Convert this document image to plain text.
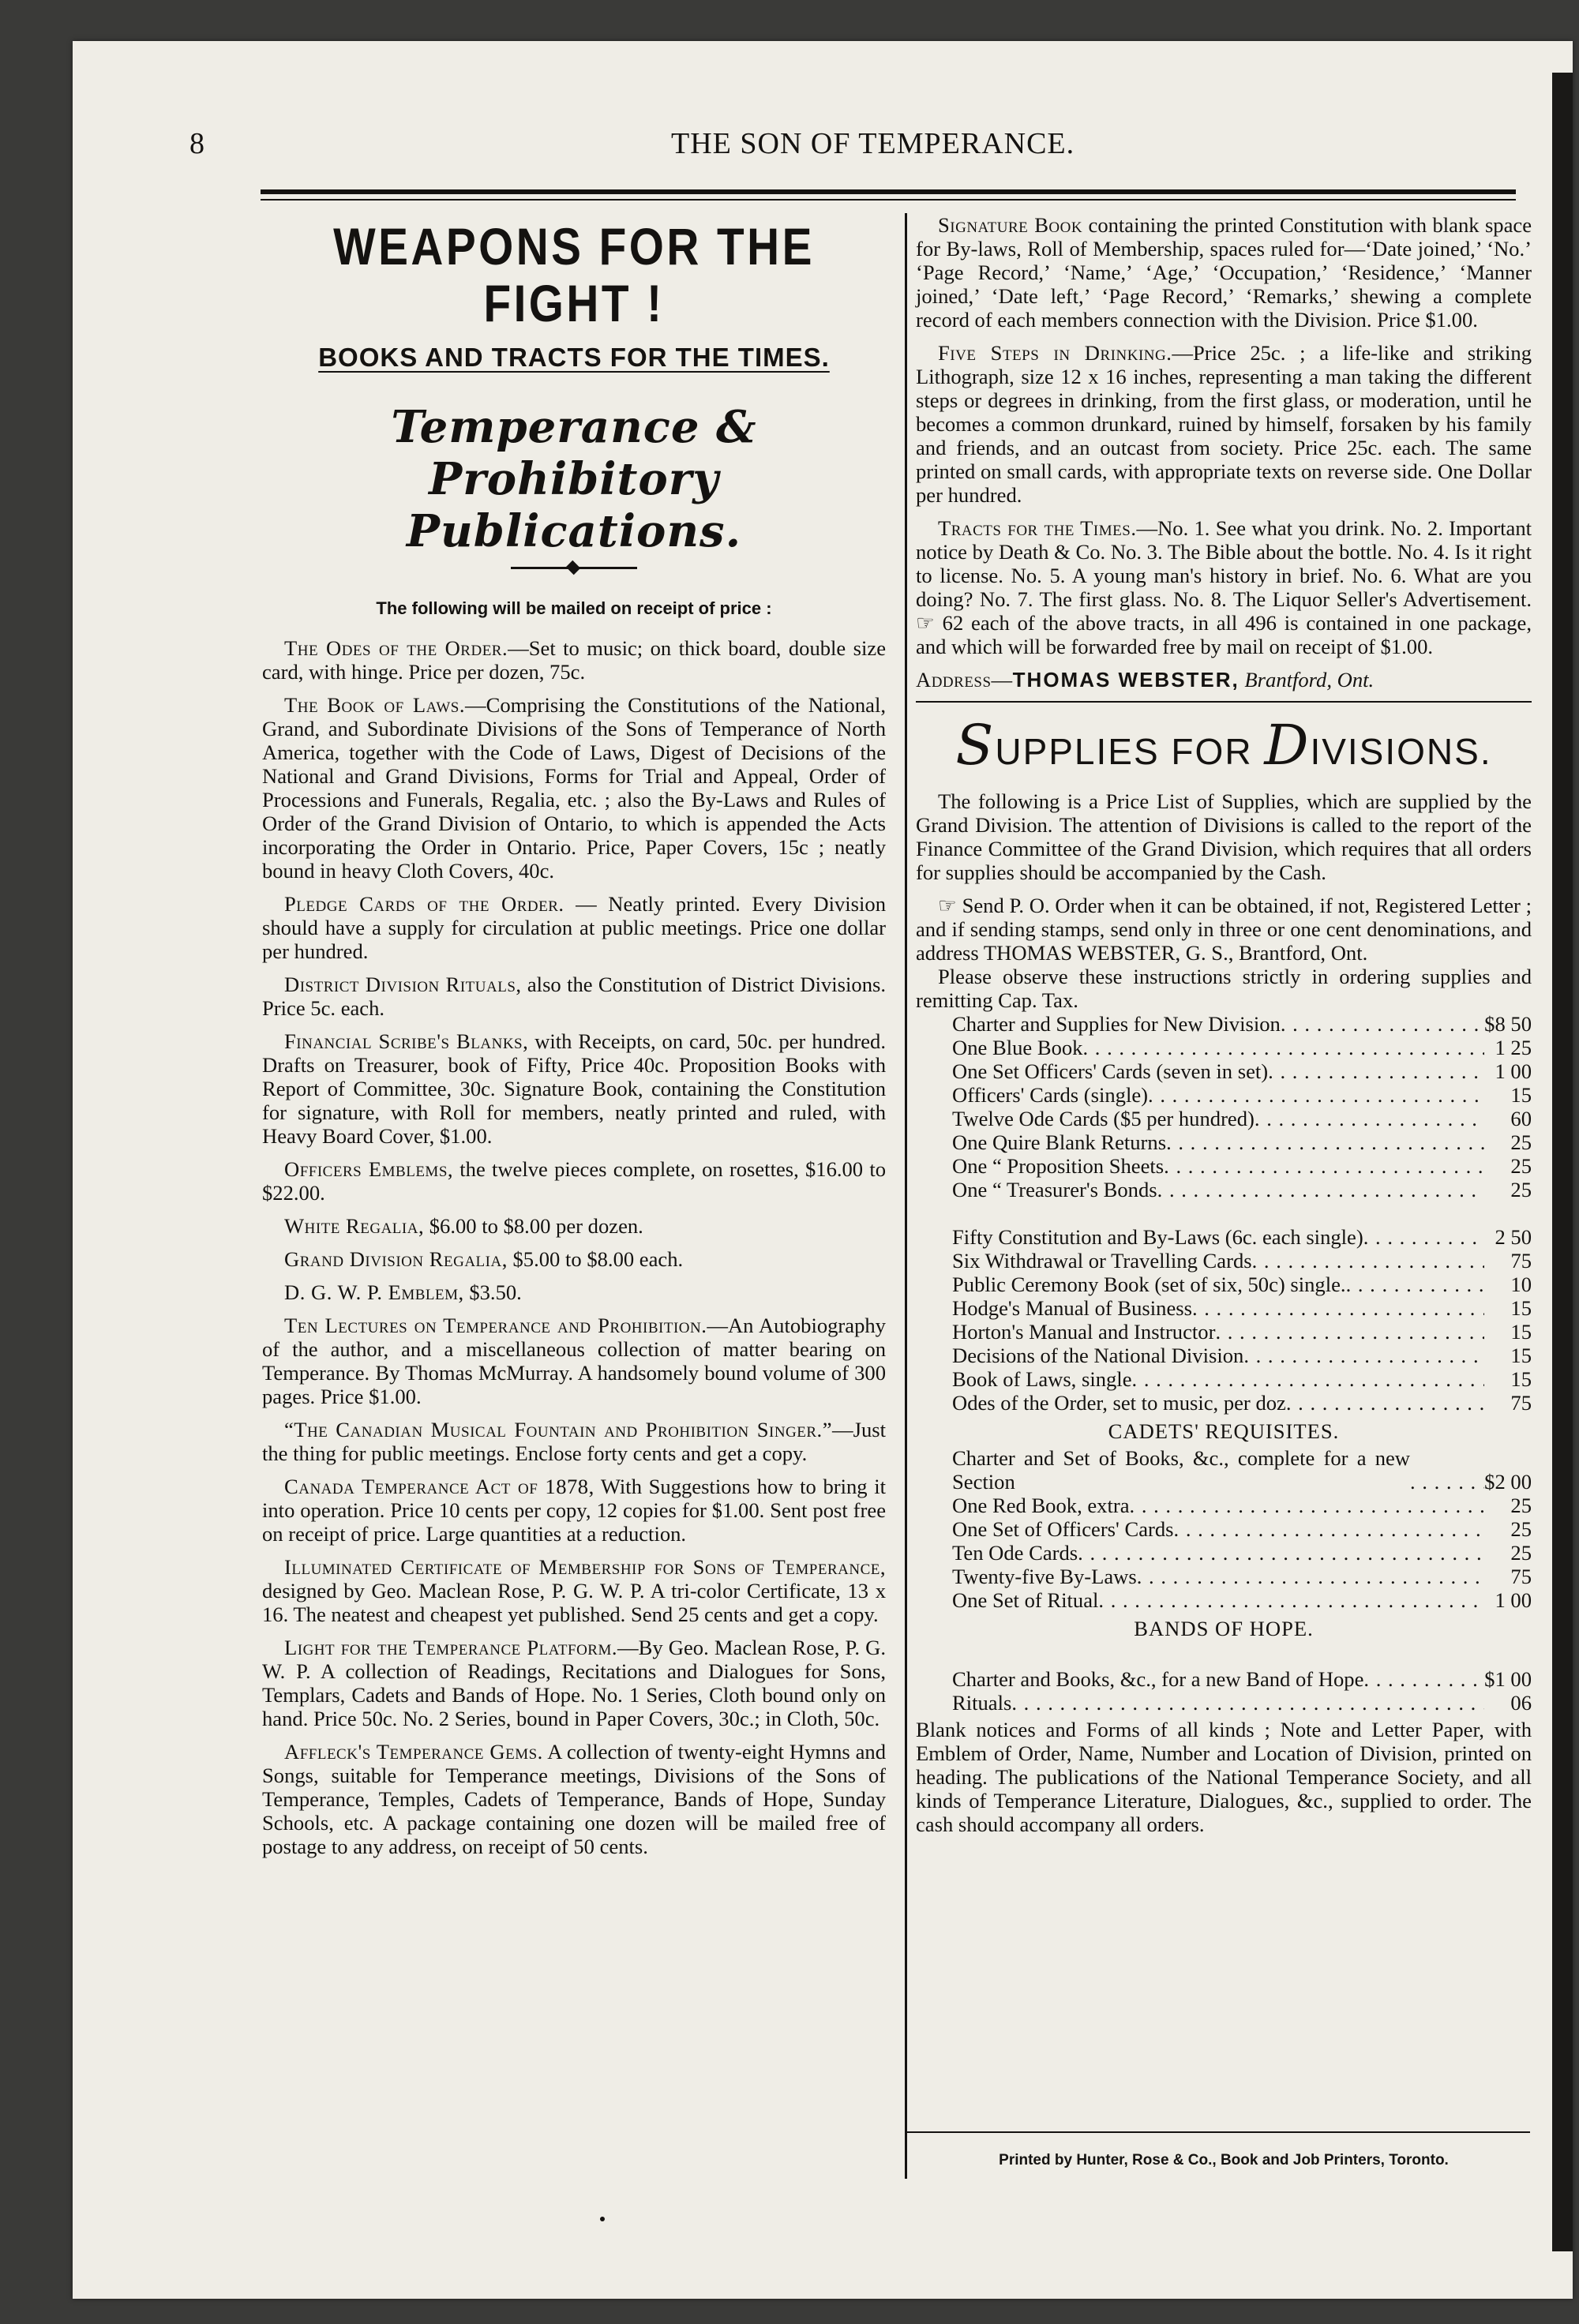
8	THE SON OF TEMPERANCE.
WEAPONS FOR THE FIGHT !
BOOKS AND TRACTS FOR THE TIMES.
Temperance & Prohibitory Publications.
The following will be mailed on receipt of price :

The Odes of the Order.—Set to music; on thick board, double size card, with hinge. Price per dozen, 75c.

The Book of Laws.—Comprising the Constitutions of the National, Grand, and Subordinate Divisions of the Sons of Temperance of North America, together with the Code of Laws, Digest of Decisions of the National and Grand Divisions, Forms for Trial and Appeal, Order of Processions and Funerals, Regalia, etc. ; also the By-Laws and Rules of Order of the Grand Division of Ontario, to which is appended the Acts incorporating the Order in Ontario. Price, Paper Covers, 15c ; neatly bound in heavy Cloth Covers, 40c.

Pledge Cards of the Order. — Neatly printed. Every Division should have a supply for circulation at public meetings. Price one dollar per hundred.

District Division Rituals, also the Constitution of District Divisions. Price 5c. each.

Financial Scribe's Blanks, with Receipts, on card, 50c. per hundred. Drafts on Treasurer, book of Fifty, Price 40c. Proposition Books with Report of Committee, 30c. Signature Book, containing the Constitution for signature, with Roll for members, neatly printed and ruled, with Heavy Board Cover, $1.00.

Officers Emblems, the twelve pieces complete, on rosettes, $16.00 to $22.00.

White Regalia, $6.00 to $8.00 per dozen.

Grand Division Regalia, $5.00 to $8.00 each.

D. G. W. P. Emblem, $3.50.

Ten Lectures on Temperance and Prohibition.—An Autobiography of the author, and a miscellaneous collection of matter bearing on Temperance. By Thomas McMurray. A handsomely bound volume of 300 pages. Price $1.00.

“The Canadian Musical Fountain and Prohibition Singer.”—Just the thing for public meetings. Enclose forty cents and get a copy.

Canada Temperance Act of 1878, With Suggestions how to bring it into operation. Price 10 cents per copy, 12 copies for $1.00. Sent post free on receipt of price. Large quantities at a reduction.

Illuminated Certificate of Membership for Sons of Temperance, designed by Geo. Maclean Rose, P. G. W. P. A tri-color Certificate, 13 x 16. The neatest and cheapest yet published. Send 25 cents and get a copy.

Light for the Temperance Platform.—By Geo. Maclean Rose, P. G. W. P. A collection of Readings, Recitations and Dialogues for Sons, Templars, Cadets and Bands of Hope. No. 1 Series, Cloth bound only on hand. Price 50c. No. 2 Series, bound in Paper Covers, 30c.; in Cloth, 50c.

Affleck's Temperance Gems. A collection of twenty-eight Hymns and Songs, suitable for Temperance meetings, Divisions of the Sons of Temperance, Temples, Cadets of Temperance, Bands of Hope, Sunday Schools, etc. A package containing one dozen will be mailed free of postage to any address, on receipt of 50 cents.

Signature Book containing the printed Constitution with blank space for By-laws, Roll of Membership, spaces ruled for—‘Date joined,’ ‘No.’ ‘Page Record,’ ‘Name,’ ‘Age,’ ‘Occupation,’ ‘Residence,’ ‘Manner joined,’ ‘Date left,’ ‘Page Record,’ ‘Remarks,’ shewing a complete record of each members connection with the Division. Price $1.00.

Five Steps in Drinking.—Price 25c. ; a life-like and striking Lithograph, size 12 x 16 inches, representing a man taking the different steps or degrees in drinking, from the first glass, or moderation, until he becomes a common drunkard, ruined by himself, forsaken by his family and friends, and an outcast from society. Price 25c. each. The same printed on small cards, with appropriate texts on reverse side. One Dollar per hundred.

Tracts for the Times.—No. 1. See what you drink. No. 2. Important notice by Death & Co. No. 3. The Bible about the bottle. No. 4. Is it right to license. No. 5. A young man's history in brief. No. 6. What are you doing? No. 7. The first glass. No. 8. The Liquor Seller's Advertisement. ☞ 62 each of the above tracts, in all 496 is contained in one package, and which will be forwarded free by mail on receipt of $1.00.

Address—THOMAS WEBSTER, Brantford, Ont.

SUPPLIES FOR DIVISIONS.

The following is a Price List of Supplies, which are supplied by the Grand Division. The attention of Divisions is called to the report of the Finance Committee of the Grand Division, which requires that all orders for supplies should be accompanied by the Cash.

☞ Send P. O. Order when it can be obtained, if not, Registered Letter ; and if sending stamps, send only in three or one cent denominations, and address THOMAS WEBSTER, G. S., Brantford, Ont.

Please observe these instructions strictly in ordering supplies and remitting Cap. Tax.

Charter and Supplies for New Division
. . .	$8 50
One Blue Book
. . .	1 25
One Set Officers' Cards (seven in set)
. . .	1 00
Officers' Cards (single) . . .	15
Twelve Ode Cards ($5 per hundred) . . .	60
One Quire Blank Returns . . .	25
One “ Proposition Sheets . . .	25
One “ Treasurer's Bonds . . .	25
Fifty Constitution and By-Laws (6c. each single)
. . .	2 50
Six Withdrawal or Travelling Cards . . .	75
Public Ceremony Book (set of six, 50c) single. . . .	10
Hodge's Manual of Business . . .	15
Horton's Manual and Instructor . . .	15
Decisions of the National Division . . .	15
Book of Laws, single . . .	15
Odes of the Order, set to music, per doz . . .	75
CADETS' REQUISITES.
Charter and Set of Books, &c., complete for a new Section
. . .	$2 00
One Red Book, extra . . .	25
One Set of Officers' Cards . . .	25
Ten Ode Cards . . .	25
Twenty-five By-Laws . . .	75
One Set of Ritual
. . .	1 00
BANDS OF HOPE.
Charter and Books, &c., for a new Band of Hope
. . .	$1 00
Rituals . . .	06

Blank notices and Forms of all kinds ; Note and Letter Paper, with Emblem of Order, Name, Number and Location of Division, printed on heading. The publications of the National Temperance Society, and all kinds of Temperance Literature, Dialogues, &c., supplied to order. The cash should accompany all orders.

Printed by Hunter, Rose & Co., Book and Job Printers, Toronto.
